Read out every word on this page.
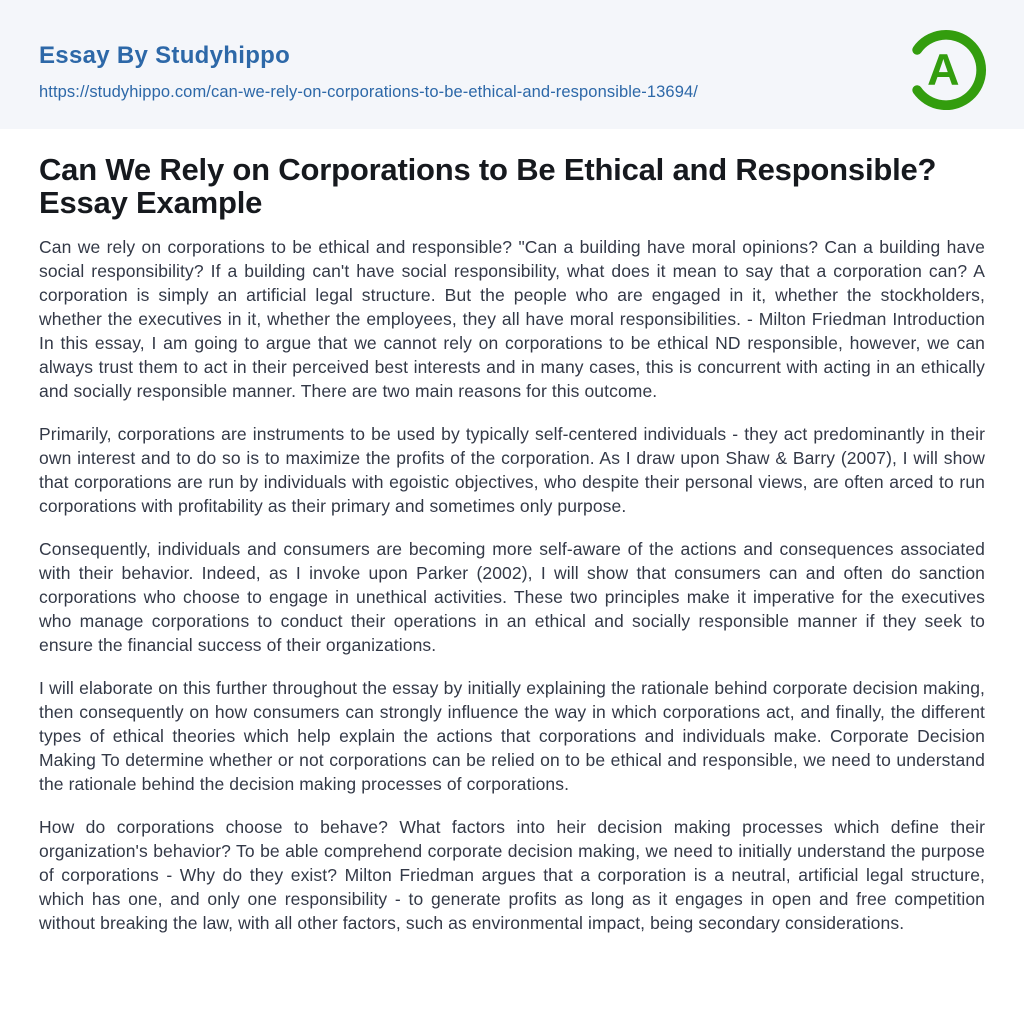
Essay By Studyhippo
https://studyhippo.com/can-we-rely-on-corporations-to-be-ethical-and-responsible-13694/	A
Can We Rely on Corporations to Be Ethical and Responsible? Essay Example

Can we rely on corporations to be ethical and responsible? "Can a building have moral opinions? Can a building have social responsibility? If a building can't have social responsibility, what does it mean to say that a corporation can? A corporation is simply an artificial legal structure. But the people who are engaged in it, whether the stockholders, whether the executives in it, whether the employees, they all have moral responsibilities. - Milton Friedman Introduction In this essay, I am going to argue that we cannot rely on corporations to be ethical ND responsible, however, we can always trust them to act in their perceived best interests and in many cases, this is concurrent with acting in an ethically and socially responsible manner. There are two main reasons for this outcome.

Primarily, corporations are instruments to be used by typically self-centered individuals - they act predominantly in their own interest and to do so is to maximize the profits of the corporation. As I draw upon Shaw & Barry (2007), I will show that corporations are run by individuals with egoistic objectives, who despite their personal views, are often arced to run corporations with profitability as their primary and sometimes only purpose.

Consequently, individuals and consumers are becoming more self-aware of the actions and consequences associated with their behavior. Indeed, as I invoke upon Parker (2002), I will show that consumers can and often do sanction corporations who choose to engage in unethical activities. These two principles make it imperative for the executives who manage corporations to conduct their operations in an ethical and socially responsible manner if they seek to ensure the financial success of their organizations.

I will elaborate on this further throughout the essay by initially explaining the rationale behind corporate decision making, then consequently on how consumers can strongly influence the way in which corporations act, and finally, the different types of ethical theories which help explain the actions that corporations and individuals make. Corporate Decision Making To determine whether or not corporations can be relied on to be ethical and responsible, we need to understand the rationale behind the decision making processes of corporations.

How do corporations choose to behave? What factors into heir decision making processes which define their organization's behavior? To be able comprehend corporate decision making, we need to initially understand the purpose of corporations - Why do they exist? Milton Friedman argues that a corporation is a neutral, artificial legal structure, which has one, and only one responsibility - to generate profits as long as it engages in open and free competition without breaking the law, with all other factors, such as environmental impact, being secondary considerations.
